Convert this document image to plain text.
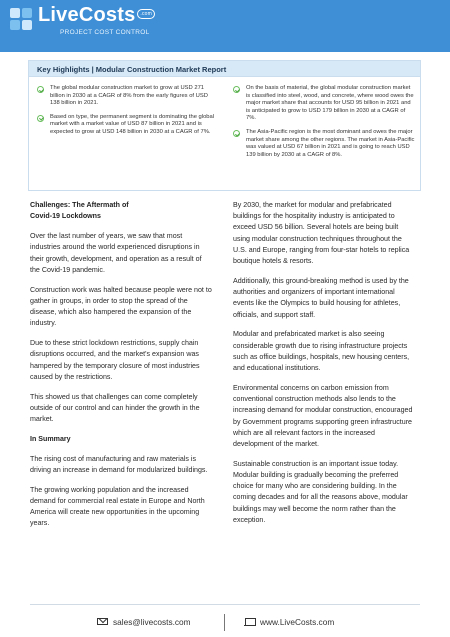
LiveCosts .com
PROJECT COST CONTROL
Key Highlights | Modular Construction Market Report
The global modular construction market to grow at USD 271 billion in 2030 at a CAGR of 8% from the early figures of USD 138 billion in 2021.
Based on type, the permanent segment is dominating the global market with a market value of USD 87 billion in 2021 and is expected to grow at USD 148 billion in 2030 at a CAGR of 7%.
On the basis of material, the global modular construction market is classified into steel, wood, and concrete, where wood owes the major market share that accounts for USD 95 billion in 2021 and is anticipated to grow to USD 179 billion in 2030 at a CAGR of 7%.
The Asia-Pacific region is the most dominant and owes the major market share among the other regions. The market in Asia-Pacific was valued at USD 67 billion in 2021 and is going to reach USD 139 billion by 2030 at a CAGR of 8%.
Challenges: The Aftermath of
Covid-19 Lockdowns

Over the last number of years, we saw that most industries around the world experienced disruptions in their growth, development, and operation as a result of the Covid-19 pandemic.

Construction work was halted because people were not to gather in groups, in order to stop the spread of the disease, which also hampered the expansion of the industry.

Due to these strict lockdown restrictions, supply chain disruptions occurred, and the market's expansion was hampered by the temporary closure of most industries caused by the restrictions.

This showed us that challenges can come completely outside of our control and can hinder the growth in the market.

In Summary

The rising cost of manufacturing and raw materials is driving an increase in demand for modularized buildings.

The growing working population and the increased demand for commercial real estate in Europe and North America will create new opportunities in the upcoming years.

By 2030, the market for modular and prefabricated buildings for the hospitality industry is anticipated to exceed USD 56 billion. Several hotels are being built using modular construction techniques throughout the U.S. and Europe, ranging from four-star hotels to replica boutique hotels & resorts.

Additionally, this ground-breaking method is used by the authorities and organizers of important international events like the Olympics to build housing for athletes, officials, and support staff.

Modular and prefabricated market is also seeing considerable growth due to rising infrastructure projects such as office buildings, hospitals, new housing centers, and educational institutions.

Environmental concerns on carbon emission from conventional construction methods also lends to the increasing demand for modular construction, encouraged by Government programs supporting green infrastructure which are all relevant factors in the increased development of the market.

Sustainable construction is an important issue today. Modular building is gradually becoming the preferred choice for many who are considering building. In the coming decades and for all the reasons above, modular buildings may well become the norm rather than the exception.

sales@livecosts.com	www.LiveCosts.com
